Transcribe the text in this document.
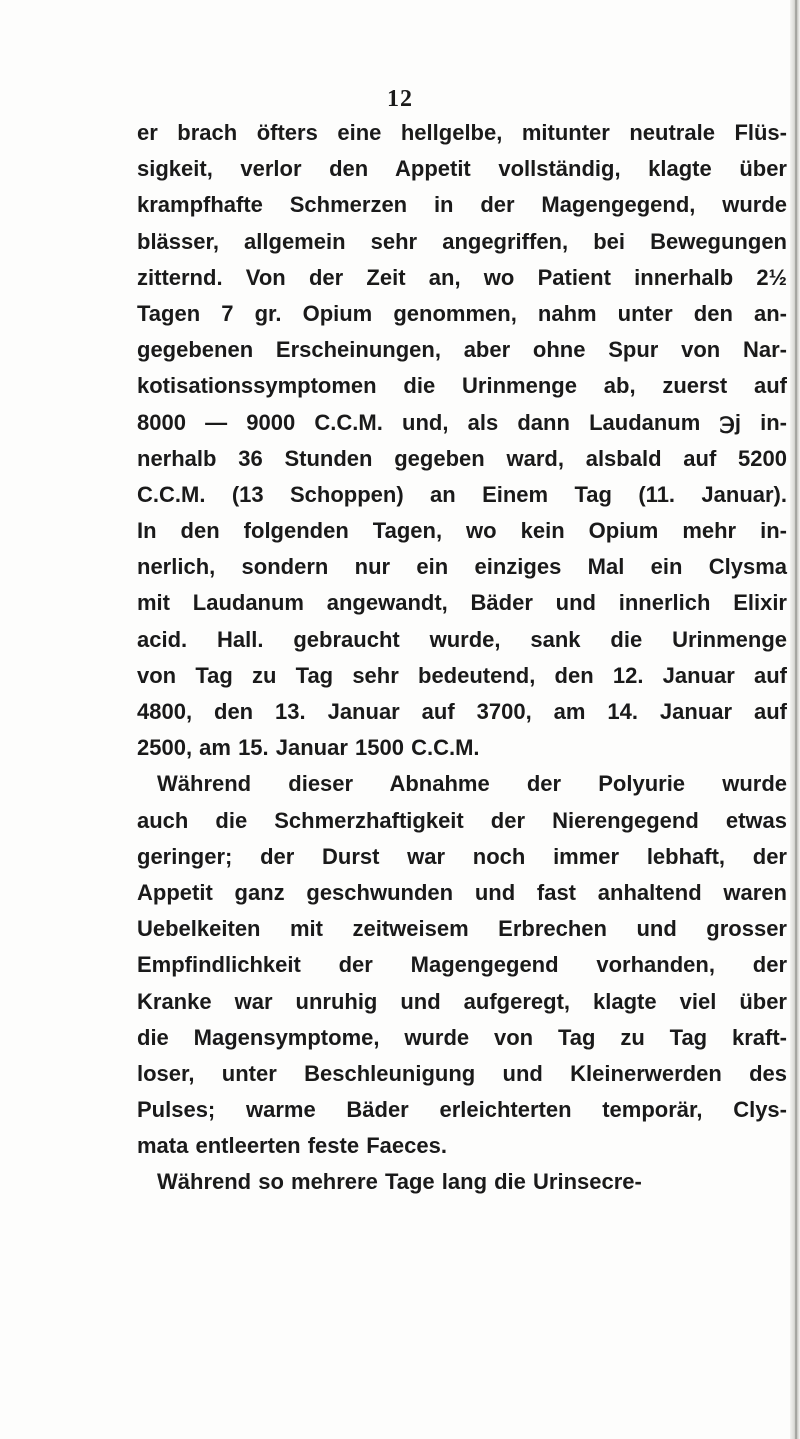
12
er brach öfters eine hellgelbe, mitunter neutrale Flüs-
sigkeit, verlor den Appetit vollständig, klagte über
krampfhafte Schmerzen in der Magengegend, wurde
blässer, allgemein sehr angegriffen, bei Bewegungen
zitternd. Von der Zeit an, wo Patient innerhalb 2½
Tagen 7 gr. Opium genommen, nahm unter den an-
gegebenen Erscheinungen, aber ohne Spur von Nar-
kotisationssymptomen die Urinmenge ab, zuerst auf
8000 — 9000 C.C.M. und, als dann Laudanum ℈j in-
nerhalb 36 Stunden gegeben ward, alsbald auf 5200
C.C.M. (13 Schoppen) an Einem Tag (11. Januar).
In den folgenden Tagen, wo kein Opium mehr in-
nerlich, sondern nur ein einziges Mal ein Clysma
mit Laudanum angewandt, Bäder und innerlich Elixir
acid. Hall. gebraucht wurde, sank die Urinmenge
von Tag zu Tag sehr bedeutend, den 12. Januar auf
4800, den 13. Januar auf 3700, am 14. Januar auf
2500, am 15. Januar 1500 C.C.M.
Während dieser Abnahme der Polyurie wurde
auch die Schmerzhaftigkeit der Nierengegend etwas
geringer; der Durst war noch immer lebhaft, der
Appetit ganz geschwunden und fast anhaltend waren
Uebelkeiten mit zeitweisem Erbrechen und grosser
Empfindlichkeit der Magengegend vorhanden, der
Kranke war unruhig und aufgeregt, klagte viel über
die Magensymptome, wurde von Tag zu Tag kraft-
loser, unter Beschleunigung und Kleinerwerden des
Pulses; warme Bäder erleichterten temporär, Clys-
mata entleerten feste Faeces.
Während so mehrere Tage lang die Urinsecre-
